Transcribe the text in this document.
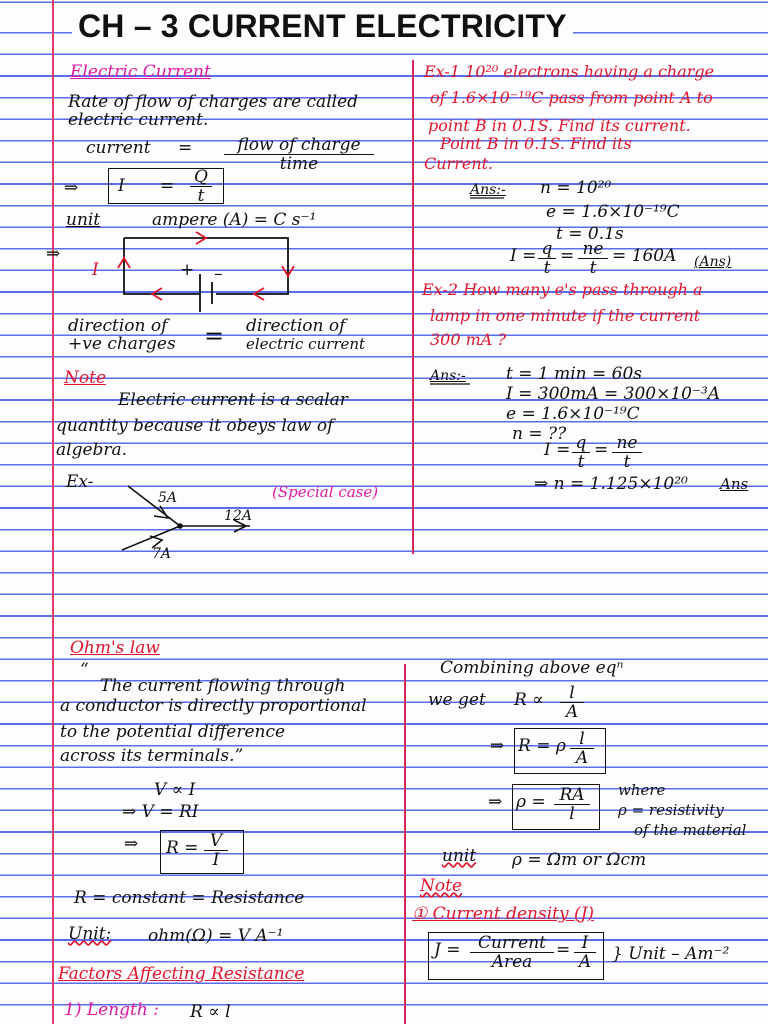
CH – 3 CURRENT ELECTRICITY
Electric Current
Rate of flow of charges are called
electric current.
current =	flow of charge
time
⇒ $I = \frac{Q}{t}$
unit	ampere (A) = C s⁻¹
⇒
I	+ –
direction of
+ve charges = direction of
electric current
Note
Electric current is a scalar
quantity because it obeys law of
algebra.
Ex-
5A
12A
7A
(Special case)
Ex-1 10²⁰ electrons having a charge
of 1.6×10⁻¹⁹C pass from point A to
point B in 0.1S. Find its current.
Point B in 0.1S. Find its
Current.
Ans:- n = 10²⁰
e = 1.6×10⁻¹⁹C
t = 0.1s
$I = \frac{q}{t} = \frac{ne}{t} = 160A$ (Ans)
Ex-2 How many e's pass through a
lamp in one minute if the current
300 mA ?
Ans:- t = 1 min = 60s
I = 300mA = 300×10⁻³A
e = 1.6×10⁻¹⁹C
n = ??
$I = \frac{q}{t} = \frac{ne}{t}$
⇒ n = 1.125×10²⁰ Ans
Ohm's law
“
The current flowing through
a conductor is directly proportional
to the potential difference
across its terminals.”
V ∝ I
⇒ V = RI
⇒ $R = \frac{V}{I}$
R = constant = Resistance
Unit: ohm(Ω) = V A⁻¹
Factors Affecting Resistance
1) Length : R ∝ l
Combining above eqⁿ
we get $R \propto \frac{l}{A}$
⇒ R = ρ $\frac{l}{A}$
⇒ $\rho = \frac{RA}{l}$ where
ρ = resistivity
of the material
unit ρ = Ωm or Ωcm
Note
① Current density (J)
J =	Current
Area
= $\frac{I}{A}$ } Unit – Am⁻²
